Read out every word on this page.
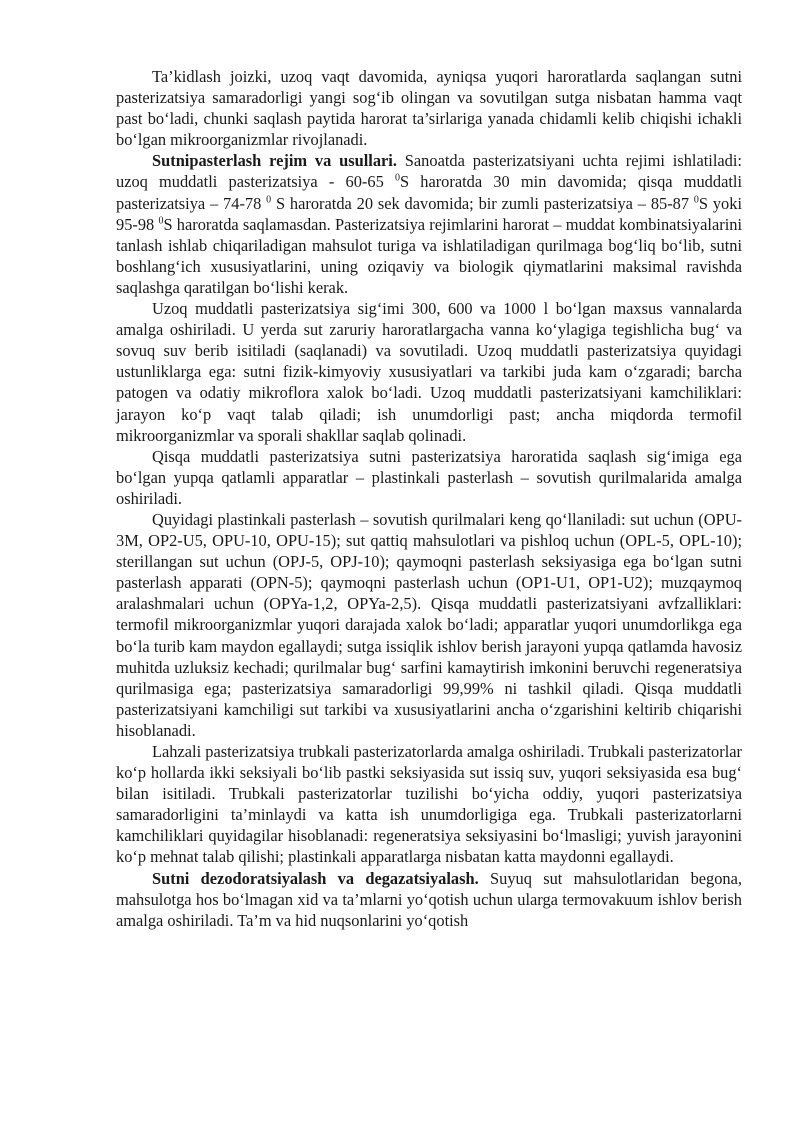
Ta’kidlash joizki, uzoq vaqt davomida, ayniqsa yuqori haroratlarda saqlangan sutni pasterizatsiya samaradorligi yangi sog‘ib olingan va sovutilgan sutga nisbatan hamma vaqt past bo‘ladi, chunki saqlash paytida harorat ta’sirlariga yanada chidamli kelib chiqishi ichakli bo‘lgan mikroorganizmlar rivojlanadi.

Sutnipasterlash rejim va usullari. Sanoatda pasterizatsiyani uchta rejimi ishlatiladi: uzoq muddatli pasterizatsiya - 60-65 $^0$S haroratda 30 min davomida; qisqa muddatli pasterizatsiya – 74-78 $^0$ S haroratda 20 sek davomida; bir zumli pasterizatsiya – 85-87 $^0$S yoki 95-98 $^0$S haroratda saqlamasdan. Pasterizatsiya rejimlarini harorat – muddat kombinatsiyalarini tanlash ishlab chiqariladigan mahsulot turiga va ishlatiladigan qurilmaga bog‘liq bo‘lib, sutni boshlang‘ich xususiyatlarini, uning oziqaviy va biologik qiymatlarini maksimal ravishda saqlashga qaratilgan bo‘lishi kerak.

Uzoq muddatli pasterizatsiya sig‘imi 300, 600 va 1000 l bo‘lgan maxsus vannalarda amalga oshiriladi. U yerda sut zaruriy haroratlargacha vanna ko‘ylagiga tegishlicha bug‘ va sovuq suv berib isitiladi (saqlanadi) va sovutiladi. Uzoq muddatli pasterizatsiya quyidagi ustunliklarga ega: sutni fizik-kimyoviy xususiyatlari va tarkibi juda kam o‘zgaradi; barcha patogen va odatiy mikroflora xalok bo‘ladi. Uzoq muddatli pasterizatsiyani kamchiliklari: jarayon ko‘p vaqt talab qiladi; ish unumdorligi past; ancha miqdorda termofil mikroorganizmlar va sporali shakllar saqlab qolinadi.

Qisqa muddatli pasterizatsiya sutni pasterizatsiya haroratida saqlash sig‘imiga ega bo‘lgan yupqa qatlamli apparatlar – plastinkali pasterlash – sovutish qurilmalarida amalga oshiriladi.

Quyidagi plastinkali pasterlash – sovutish qurilmalari keng qo‘llaniladi: sut uchun (OPU-3M, OP2-U5, OPU-10, OPU-15); sut qattiq mahsulotlari va pishloq uchun (OPL-5, OPL-10); sterillangan sut uchun (OPJ-5, OPJ-10); qaymoqni pasterlash seksiyasiga ega bo‘lgan sutni pasterlash apparati (OPN-5); qaymoqni pasterlash uchun (OP1-U1, OP1-U2); muzqaymoq aralashmalari uchun (OPYa-1,2, OPYa-2,5). Qisqa muddatli pasterizatsiyani avfzalliklari: termofil mikroorganizmlar yuqori darajada xalok bo‘ladi; apparatlar yuqori unumdorlikga ega bo‘la turib kam maydon egallaydi; sutga issiqlik ishlov berish jarayoni yupqa qatlamda havosiz muhitda uzluksiz kechadi; qurilmalar bug‘ sarfini kamaytirish imkonini beruvchi regeneratsiya qurilmasiga ega; pasterizatsiya samaradorligi 99,99% ni tashkil qiladi. Qisqa muddatli pasterizatsiyani kamchiligi sut tarkibi va xususiyatlarini ancha o‘zgarishini keltirib chiqarishi hisoblanadi.

Lahzali pasterizatsiya trubkali pasterizatorlarda amalga oshiriladi. Trubkali pasterizatorlar ko‘p hollarda ikki seksiyali bo‘lib pastki seksiyasida sut issiq suv, yuqori seksiyasida esa bug‘ bilan isitiladi. Trubkali pasterizatorlar tuzilishi bo‘yicha oddiy, yuqori pasterizatsiya samaradorligini ta’minlaydi va katta ish unumdorligiga ega. Trubkali pasterizatorlarni kamchiliklari quyidagilar hisoblanadi: regeneratsiya seksiyasini bo‘lmasligi; yuvish jarayonini ko‘p mehnat talab qilishi; plastinkali apparatlarga nisbatan katta maydonni egallaydi.

Sutni dezodoratsiyalash va degazatsiyalash. Suyuq sut mahsulotlaridan begona, mahsulotga hos bo‘lmagan xid va ta’mlarni yo‘qotish uchun ularga termovakuum ishlov berish amalga oshiriladi. Ta’m va hid nuqsonlarini yo‘qotish
